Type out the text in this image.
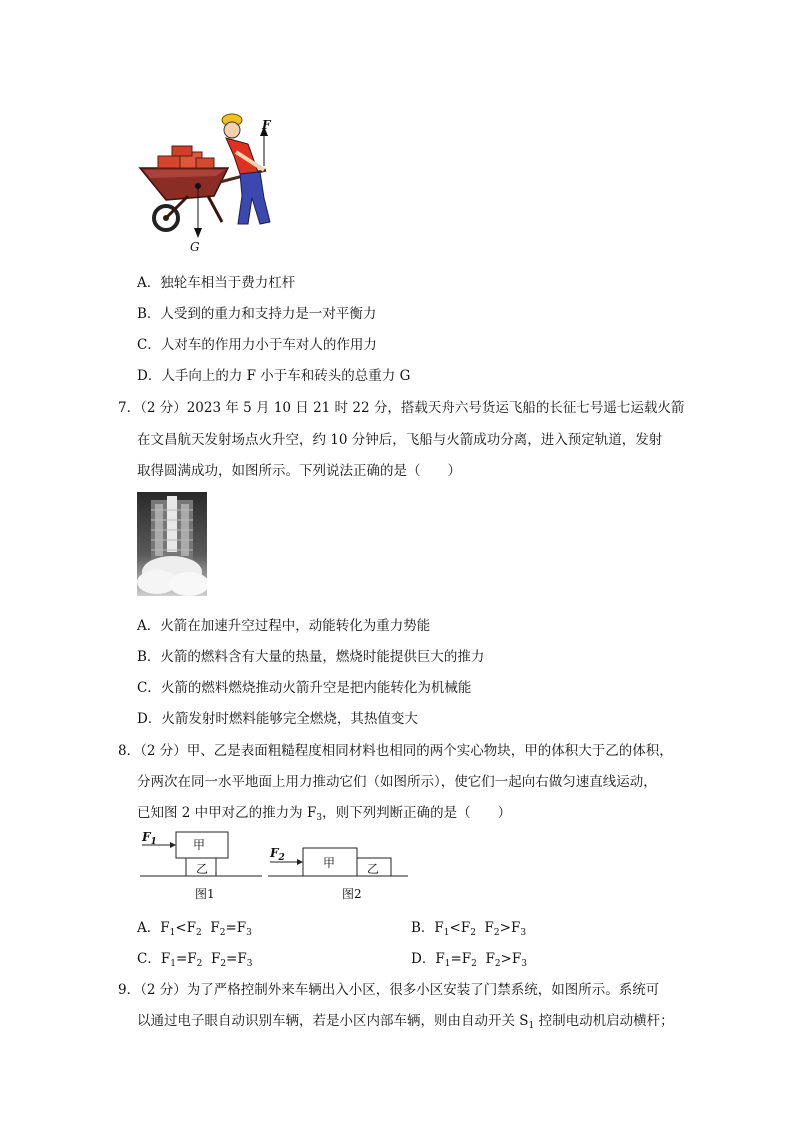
F
G
A．独轮车相当于费力杠杆
B．人受到的重力和支持力是一对平衡力
C．人对车的作用力小于车对人的作用力
D．人手向上的力 F 小于车和砖头的总重力 G
7．（2 分）2023 年 5 月 10 日 21 时 22 分，搭载天舟六号货运飞船的长征七号遥七运载火箭
在文昌航天发射场点火升空，约 10 分钟后，飞船与火箭成功分离，进入预定轨道，发射
取得圆满成功，如图所示。下列说法正确的是（　　）
A．火箭在加速升空过程中，动能转化为重力势能
B．火箭的燃料含有大量的热量，燃烧时能提供巨大的推力
C．火箭的燃料燃烧推动火箭升空是把内能转化为机械能
D．火箭发射时燃料能够完全燃烧，其热值变大
8．（2 分）甲、乙是表面粗糙程度相同材料也相同的两个实心物块，甲的体积大于乙的体积，
分两次在同一水平地面上用力推动它们（如图所示），使它们一起向右做匀速直线运动，
已知图 2 中甲对乙的推力为 $F_3$，则下列判断正确的是（　　）
$F_1$	甲
乙
图1
$F_2$	甲	乙
图2
A．$F_1<F_2$  $F_2=F_3$	B．$F_1<F_2$  $F_2>F_3$
C．$F_1=F_2$  $F_2=F_3$	D．$F_1=F_2$  $F_2>F_3$
9．（2 分）为了严格控制外来车辆出入小区，很多小区安装了门禁系统，如图所示。系统可
以通过电子眼自动识别车辆，若是小区内部车辆，则由自动开关 $S_1$ 控制电动机启动横杆；
